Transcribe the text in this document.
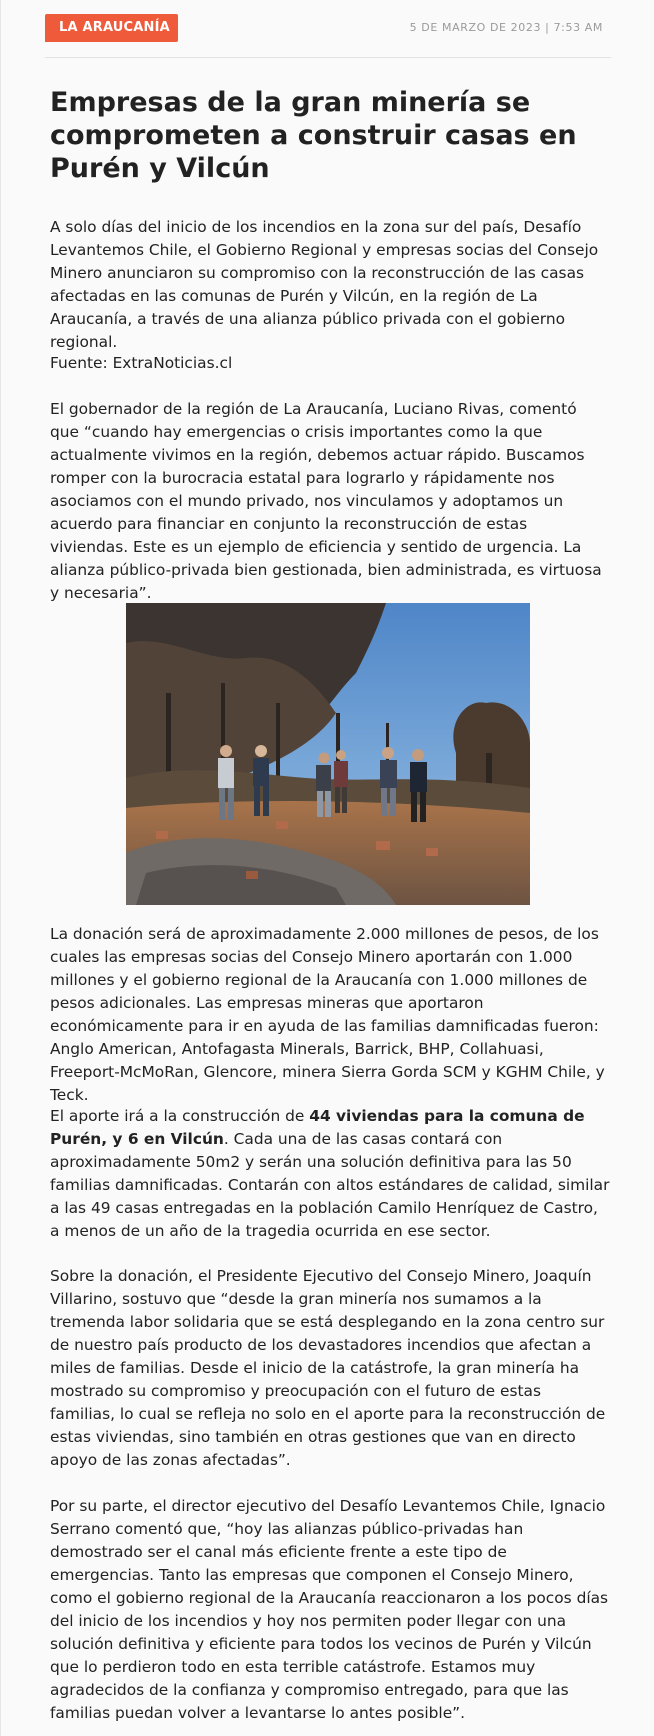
LA ARAUCANÍA	5 DE MARZO DE 2023 | 7:53 AM
Empresas de la gran minería se comprometen a construir casas en Purén y Vilcún

A solo días del inicio de los incendios en la zona sur del país, Desafío Levantemos Chile, el Gobierno Regional y empresas socias del Consejo Minero anunciaron su compromiso con la reconstrucción de las casas afectadas en las comunas de Purén y Vilcún, en la región de La Araucanía, a través de una alianza público privada con el gobierno regional.

Fuente: ExtraNoticias.cl

El gobernador de la región de La Araucanía, Luciano Rivas, comentó que “cuando hay emergencias o crisis importantes como la que actualmente vivimos en la región, debemos actuar rápido. Buscamos romper con la burocracia estatal para lograrlo y rápidamente nos asociamos con el mundo privado, nos vinculamos y adoptamos un acuerdo para financiar en conjunto la reconstrucción de estas viviendas. Este es un ejemplo de eficiencia y sentido de urgencia. La alianza público-privada bien gestionada, bien administrada, es virtuosa y necesaria”.

La donación será de aproximadamente 2.000 millones de pesos, de los cuales las empresas socias del Consejo Minero aportarán con 1.000 millones y el gobierno regional de la Araucanía con 1.000 millones de pesos adicionales. Las empresas mineras que aportaron económicamente para ir en ayuda de las familias damnificadas fueron: Anglo American, Antofagasta Minerals, Barrick, BHP, Collahuasi, Freeport-McMoRan, Glencore, minera Sierra Gorda SCM y KGHM Chile, y Teck.

El aporte irá a la construcción de 44 viviendas para la comuna de Purén, y 6 en Vilcún. Cada una de las casas contará con aproximadamente 50m2 y serán una solución definitiva para las 50 familias damnificadas. Contarán con altos estándares de calidad, similar a las 49 casas entregadas en la población Camilo Henríquez de Castro, a menos de un año de la tragedia ocurrida en ese sector.

Sobre la donación, el Presidente Ejecutivo del Consejo Minero, Joaquín Villarino, sostuvo que “desde la gran minería nos sumamos a la tremenda labor solidaria que se está desplegando en la zona centro sur de nuestro país producto de los devastadores incendios que afectan a miles de familias. Desde el inicio de la catástrofe, la gran minería ha mostrado su compromiso y preocupación con el futuro de estas familias, lo cual se refleja no solo en el aporte para la reconstrucción de estas viviendas, sino también en otras gestiones que van en directo apoyo de las zonas afectadas”.

Por su parte, el director ejecutivo del Desafío Levantemos Chile, Ignacio Serrano comentó que, “hoy las alianzas público-privadas han demostrado ser el canal más eficiente frente a este tipo de emergencias. Tanto las empresas que componen el Consejo Minero, como el gobierno regional de la Araucanía reaccionaron a los pocos días del inicio de los incendios y hoy nos permiten poder llegar con una solución definitiva y eficiente para todos los vecinos de Purén y Vilcún que lo perdieron todo en esta terrible catástrofe. Estamos muy agradecidos de la confianza y compromiso entregado, para que las familias puedan volver a levantarse lo antes posible”.
